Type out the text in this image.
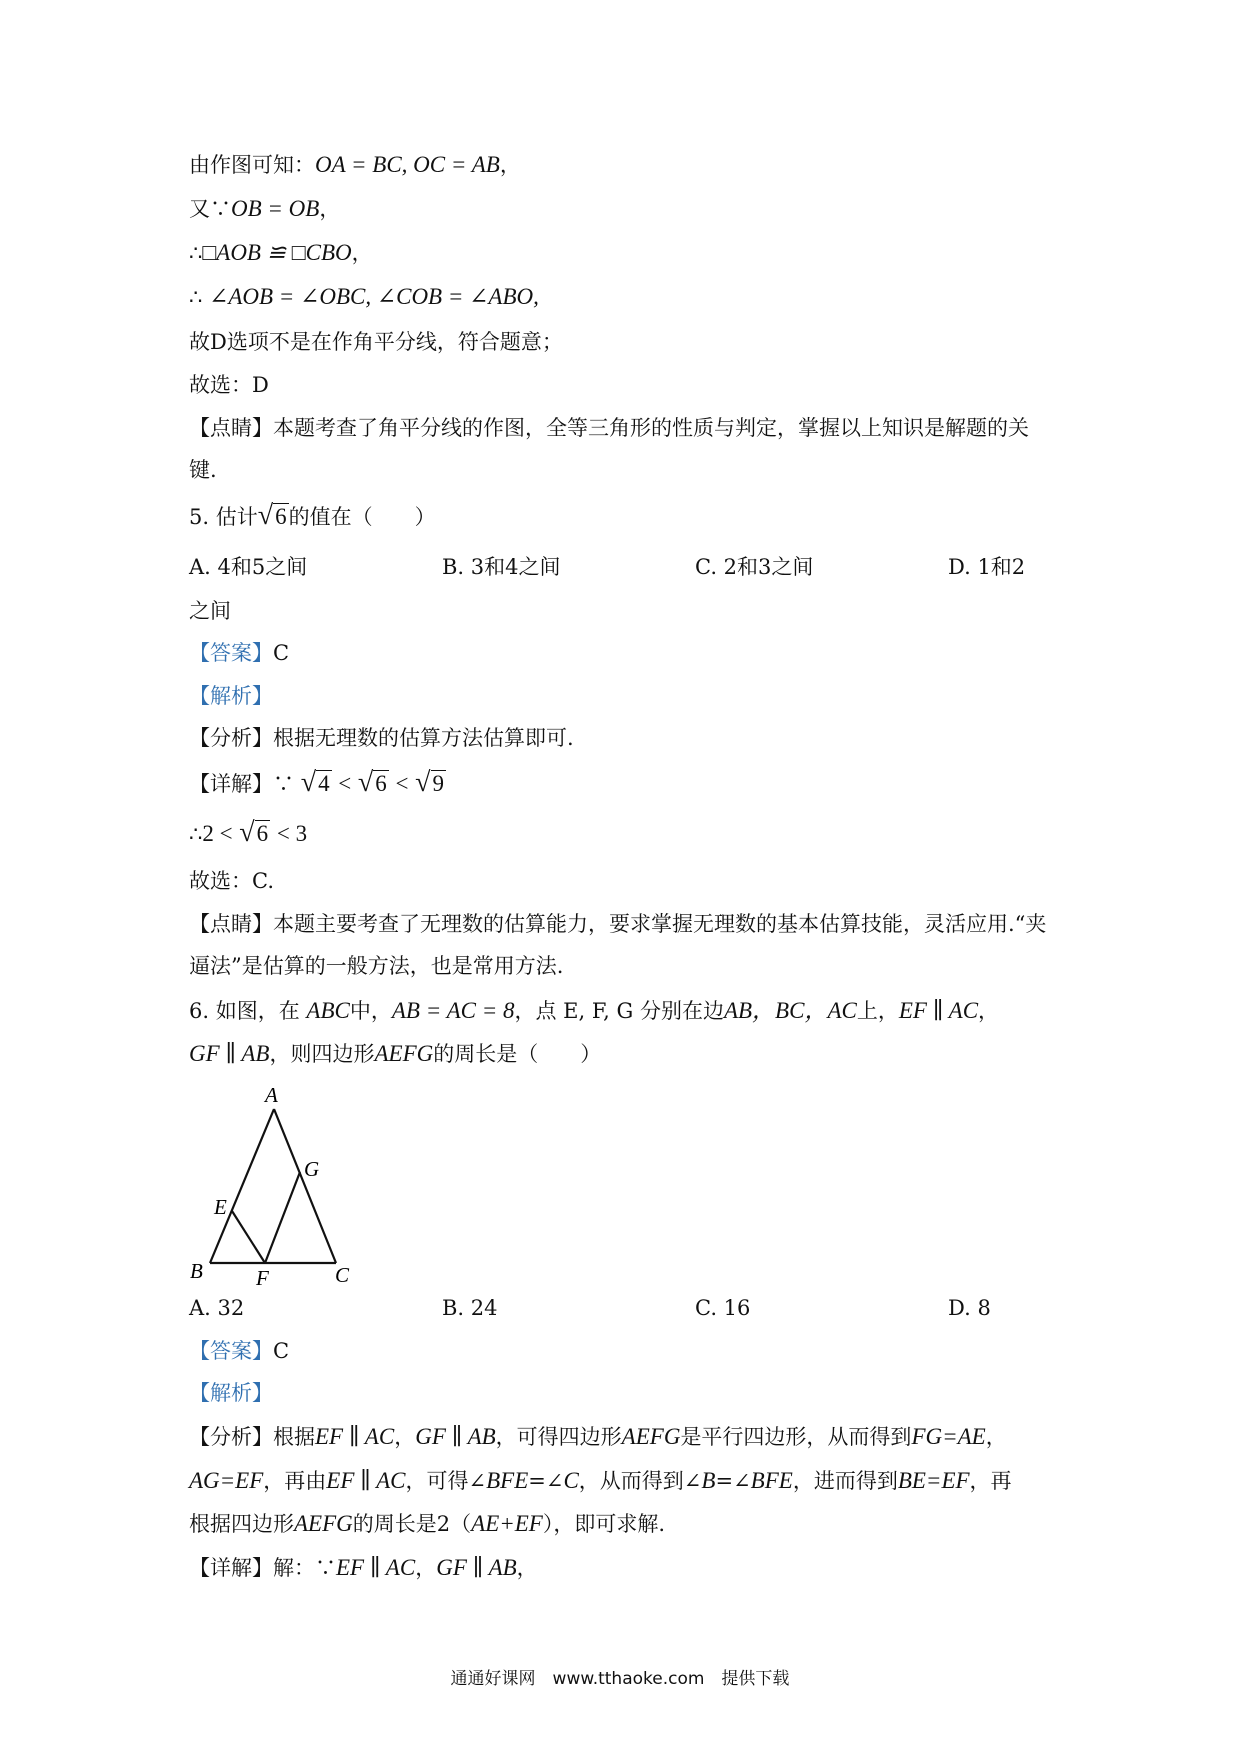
由作图可知：OA = BC, OC = AB，
又∵OB = OB，
∴□AOB ≌ □CBO，
∴ ∠AOB = ∠OBC, ∠COB = ∠ABO,
故D选项不是在作角平分线，符合题意；
故选：D
【点睛】本题考查了角平分线的作图，全等三角形的性质与判定，掌握以上知识是解题的关
键.
5. 估计√6的值在（　　）
A. 4和5之间	B. 3和4之间	C. 2和3之间	D. 1和2
之间
【答案】C
【解析】
【分析】根据无理数的估算方法估算即可.
【详解】∵ √4 < √6 < √9
∴2 < √6 < 3
故选：C.
【点睛】本题主要考查了无理数的估算能力，要求掌握无理数的基本估算技能，灵活应用.“夹
逼法”是估算的一般方法，也是常用方法.
6. 如图，在 ABC中，AB = AC = 8，点 E, F, G 分别在边AB，BC，AC上，EF ∥ AC，
GF ∥ AB，则四边形AEFG的周长是（　　）
A
G
E
B	F	C
A. 32	B. 24	C. 16	D. 8
【答案】C
【解析】
【分析】根据EF ∥ AC，GF ∥ AB，可得四边形AEFG是平行四边形，从而得到FG=AE，
AG=EF，再由EF ∥ AC，可得∠BFE=∠C，从而得到∠B=∠BFE，进而得到BE=EF，再
根据四边形AEFG的周长是2（AE+EF），即可求解.
【详解】解：∵EF ∥ AC，GF ∥ AB，
通通好课网　www.tthaoke.com　提供下载
